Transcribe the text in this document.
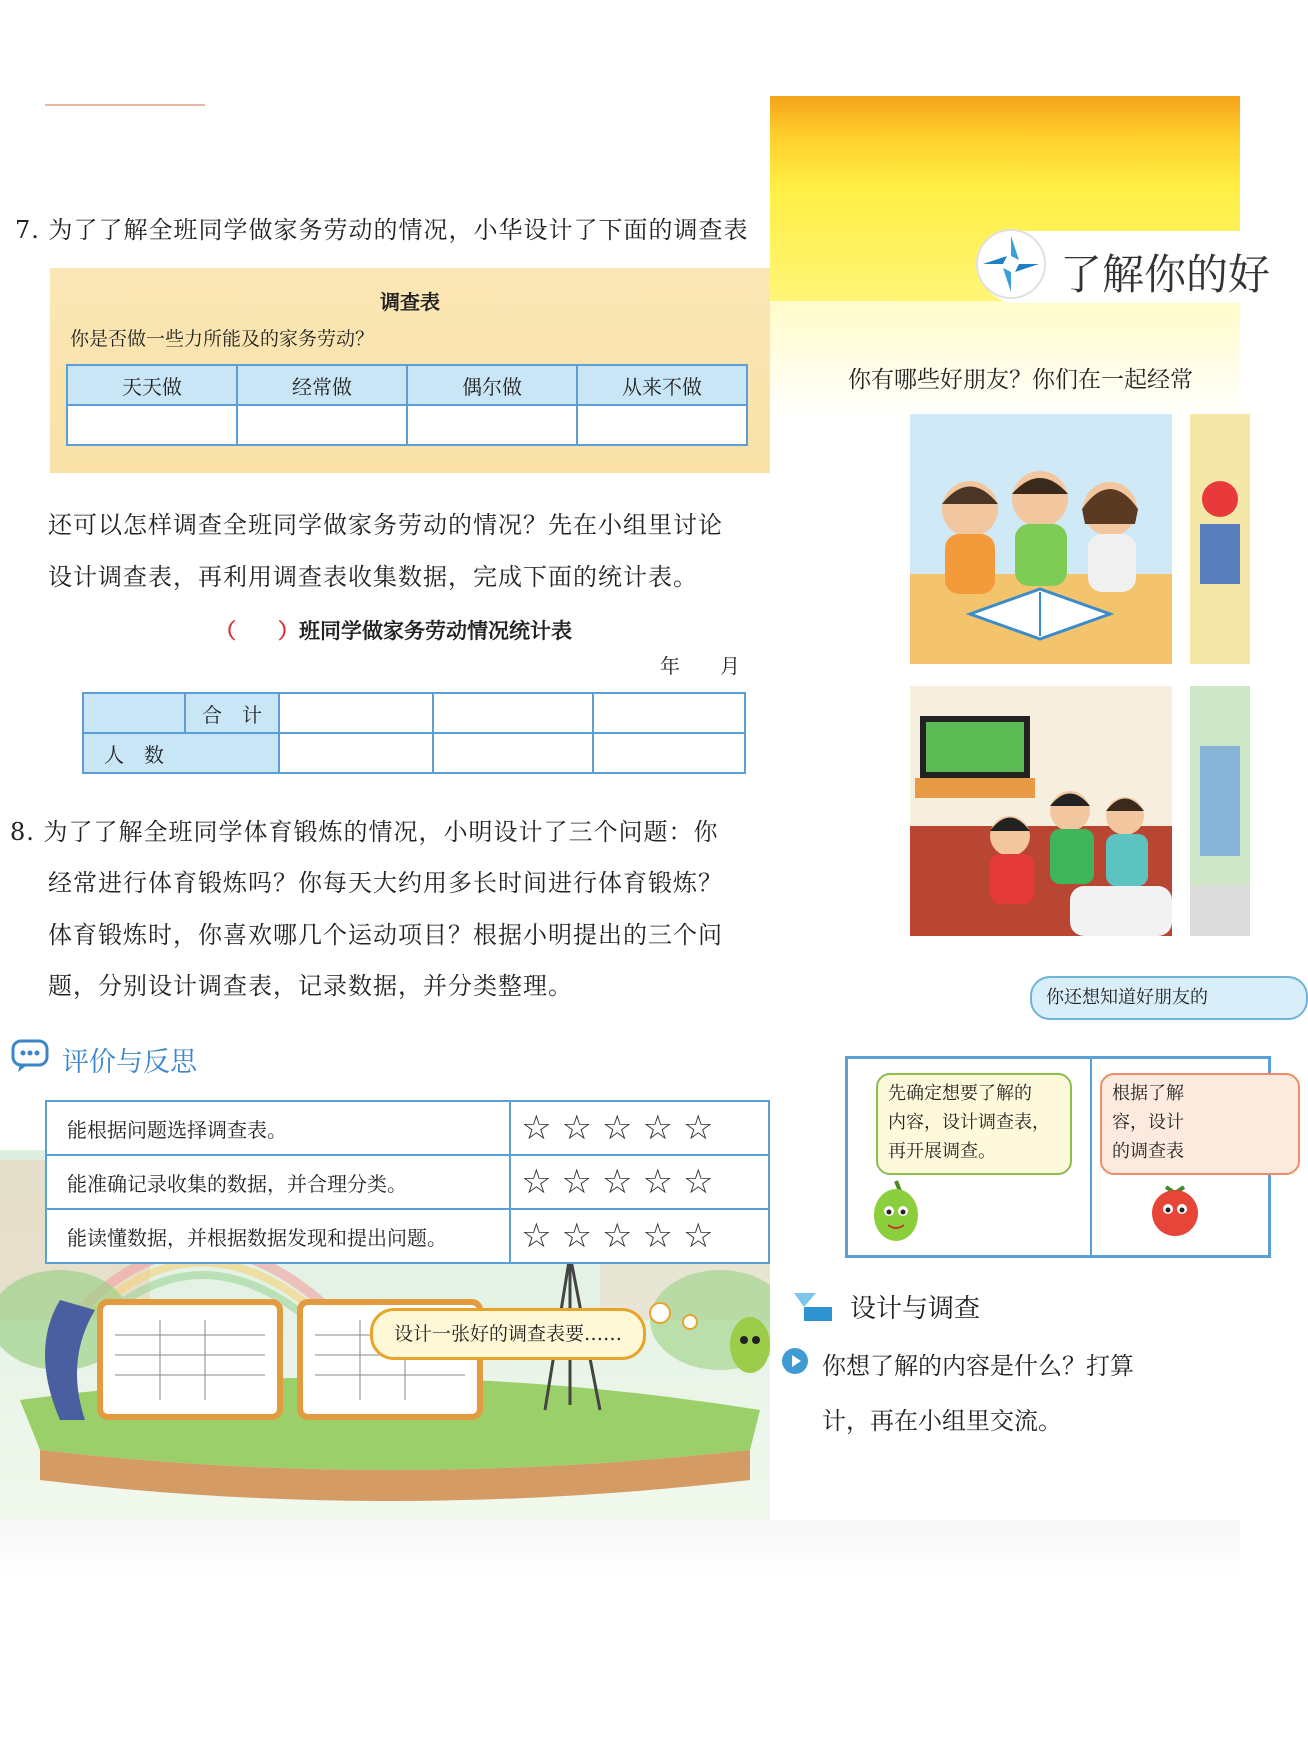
7. 为了了解全班同学做家务劳动的情况，小华设计了下面的调查表
调查表
你是否做一些力所能及的家务劳动？
天天做	经常做	偶尔做	从来不做

还可以怎样调查全班同学做家务劳动的情况？先在小组里讨论
设计调查表，再利用调查表收集数据，完成下面的统计表。
（　　）班同学做家务劳动情况统计表
年　　月
	合　计			
人　数				
8. 为了了解全班同学体育锻炼的情况，小明设计了三个问题：你
经常进行体育锻炼吗？你每天大约用多长时间进行体育锻炼？
体育锻炼时，你喜欢哪几个运动项目？根据小明提出的三个问
题，分别设计调查表，记录数据，并分类整理。
评价与反思
能根据问题选择调查表。	☆☆☆☆☆
能准确记录收集的数据，并合理分类。	☆☆☆☆☆
能读懂数据，并根据数据发现和提出问题。	☆☆☆☆☆
设计一张好的调查表要……
了解你的好
你有哪些好朋友？你们在一起经常
你还想知道好朋友的
先确定想要了解的
内容，设计调查表，
再开展调查。
根据了解
容，设计
的调查表
设计与调查
你想了解的内容是什么？打算
计，再在小组里交流。
